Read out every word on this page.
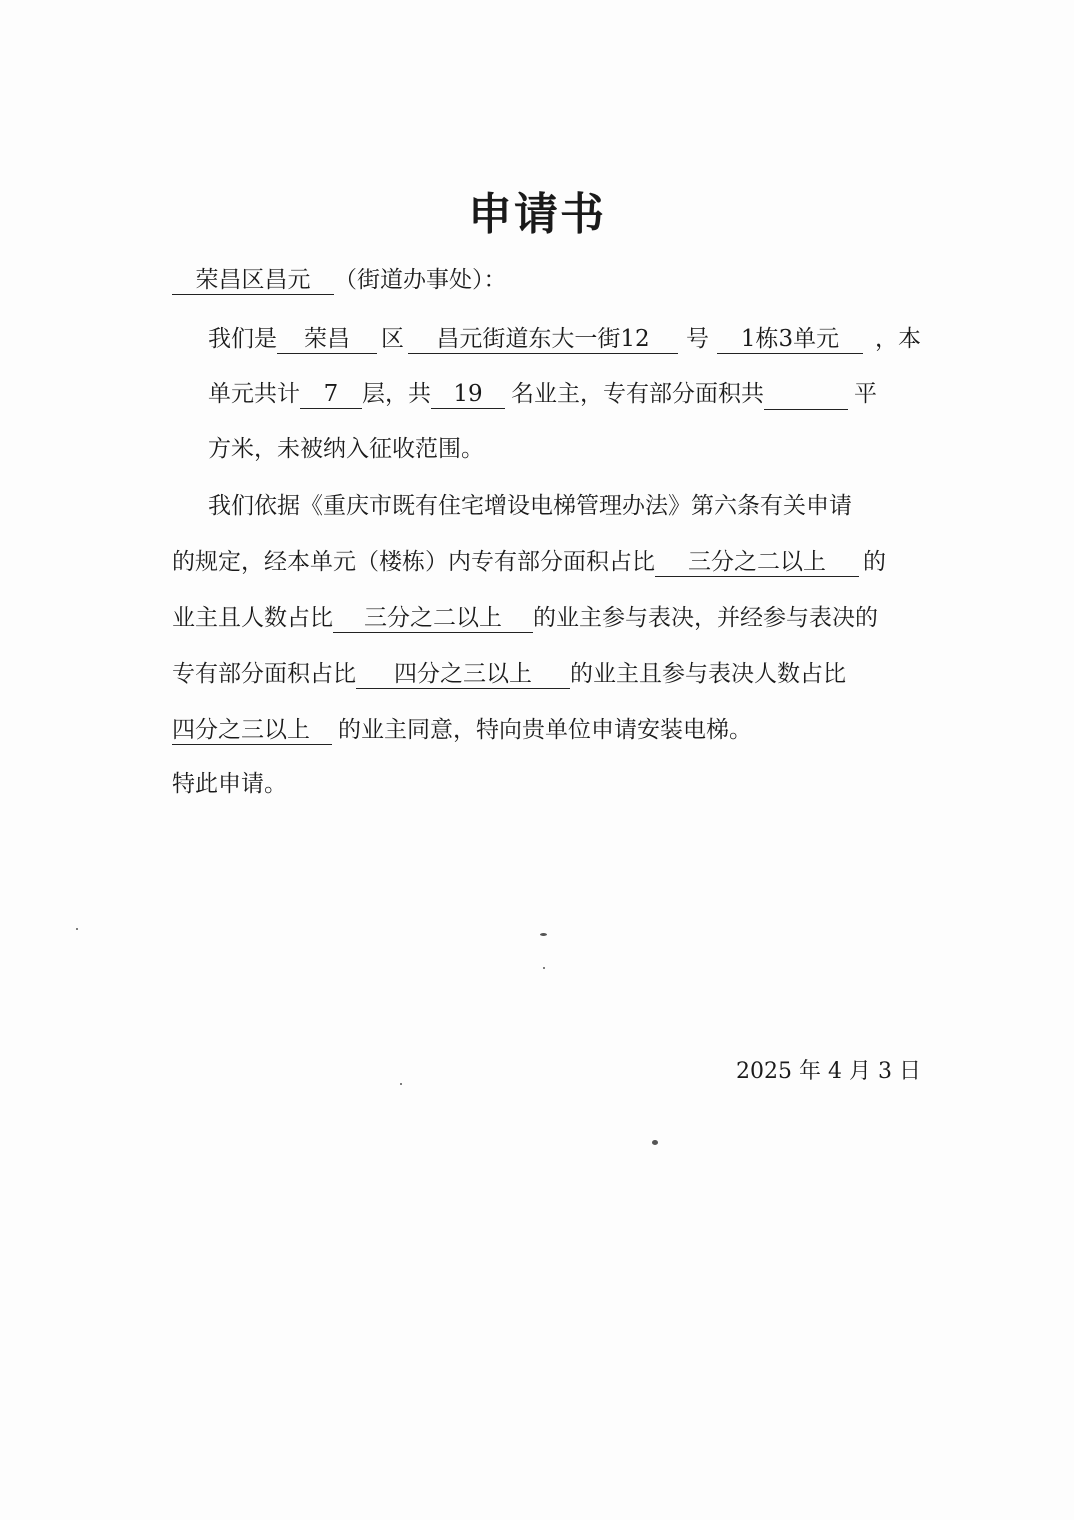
申请书
荣昌区昌元 （街道办事处）：
我们是 荣昌 区 昌元街道东大一街12 号 1栋3单元 ，本
单元共计 7 层，共 19 名业主，专有部分面积共	平
方米，未被纳入征收范围。
我们依据《重庆市既有住宅增设电梯管理办法》第六条有关申请
的规定，经本单元（楼栋）内专有部分面积占比 三分之二以上 的
业主且人数占比 三分之二以上 的业主参与表决，并经参与表决的
专有部分面积占比 四分之三以上 的业主且参与表决人数占比
四分之三以上 的业主同意，特向贵单位申请安装电梯。
特此申请。
2025 年 4 月 3 日
